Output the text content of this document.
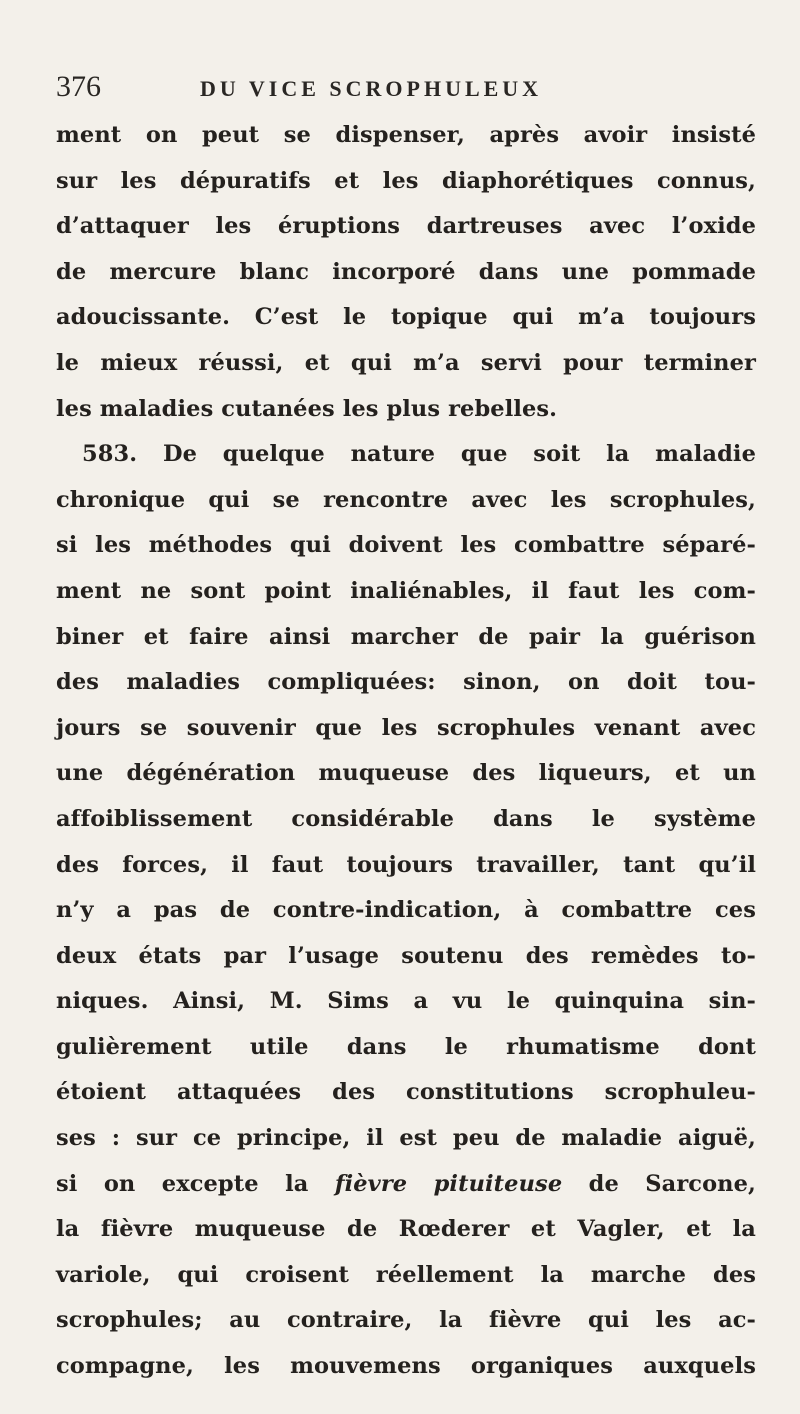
376	DU VICE SCROPHULEUX
ment on peut se dispenser, après avoir insisté
sur les dépuratifs et les diaphorétiques connus,
d’attaquer les éruptions dartreuses avec l’oxide
de mercure blanc incorporé dans une pommade
adoucissante. C’est le topique qui m’a toujours
le mieux réussi, et qui m’a servi pour terminer
les maladies cutanées les plus rebelles.
583. De quelque nature que soit la maladie
chronique qui se rencontre avec les scrophules,
si les méthodes qui doivent les combattre séparé-
ment ne sont point inaliénables, il faut les com-
biner et faire ainsi marcher de pair la guérison
des maladies compliquées: sinon, on doit tou-
jours se souvenir que les scrophules venant avec
une dégénération muqueuse des liqueurs, et un
affoiblissement considérable dans le système
des forces, il faut toujours travailler, tant qu’il
n’y a pas de contre-indication, à combattre ces
deux états par l’usage soutenu des remèdes to-
niques. Ainsi, M. Sims a vu le quinquina sin-
gulièrement utile dans le rhumatisme dont
étoient attaquées des constitutions scrophuleu-
ses : sur ce principe, il est peu de maladie aiguë,
si on excepte la fièvre pituiteuse de Sarcone,
la fièvre muqueuse de Rœderer et Vagler, et la
variole, qui croisent réellement la marche des
scrophules; au contraire, la fièvre qui les ac-
compagne, les mouvemens organiques auxquels
